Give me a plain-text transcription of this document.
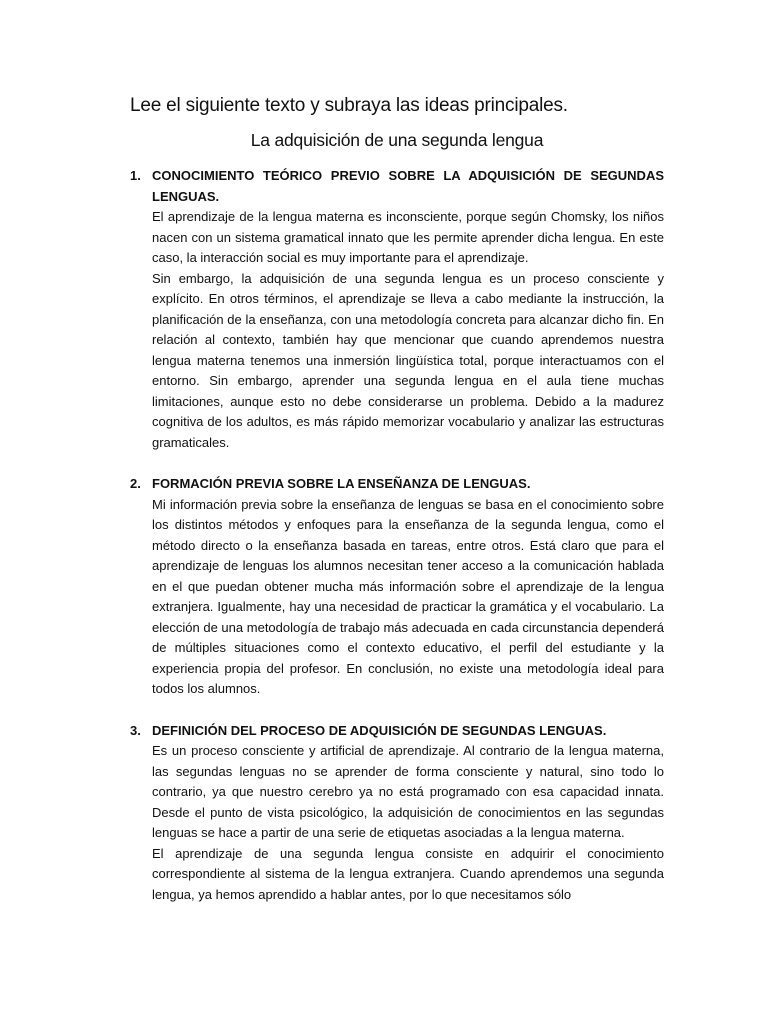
Lee el siguiente texto y subraya las ideas principales.

La adquisición de una segunda lengua

1. CONOCIMIENTO TEÓRICO PREVIO SOBRE LA ADQUISICIÓN DE SEGUNDAS LENGUAS.

El aprendizaje de la lengua materna es inconsciente, porque según Chomsky, los niños nacen con un sistema gramatical innato que les permite aprender dicha lengua. En este caso, la interacción social es muy importante para el aprendizaje.

Sin embargo, la adquisición de una segunda lengua es un proceso consciente y explícito. En otros términos, el aprendizaje se lleva a cabo mediante la instrucción, la planificación de la enseñanza, con una metodología concreta para alcanzar dicho fin. En relación al contexto, también hay que mencionar que cuando aprendemos nuestra lengua materna tenemos una inmersión lingüística total, porque interactuamos con el entorno. Sin embargo, aprender una segunda lengua en el aula tiene muchas limitaciones, aunque esto no debe considerarse un problema. Debido a la madurez cognitiva de los adultos, es más rápido memorizar vocabulario y analizar las estructuras gramaticales.

2. FORMACIÓN PREVIA SOBRE LA ENSEÑANZA DE LENGUAS.

Mi información previa sobre la enseñanza de lenguas se basa en el conocimiento sobre los distintos métodos y enfoques para la enseñanza de la segunda lengua, como el método directo o la enseñanza basada en tareas, entre otros. Está claro que para el aprendizaje de lenguas los alumnos necesitan tener acceso a la comunicación hablada en el que puedan obtener mucha más información sobre el aprendizaje de la lengua extranjera. Igualmente, hay una necesidad de practicar la gramática y el vocabulario. La elección de una metodología de trabajo más adecuada en cada circunstancia dependerá de múltiples situaciones como el contexto educativo, el perfil del estudiante y la experiencia propia del profesor. En conclusión, no existe una metodología ideal para todos los alumnos.

3. DEFINICIÓN DEL PROCESO DE ADQUISICIÓN DE SEGUNDAS LENGUAS.

Es un proceso consciente y artificial de aprendizaje. Al contrario de la lengua materna, las segundas lenguas no se aprender de forma consciente y natural, sino todo lo contrario, ya que nuestro cerebro ya no está programado con esa capacidad innata. Desde el punto de vista psicológico, la adquisición de conocimientos en las segundas lenguas se hace a partir de una serie de etiquetas asociadas a la lengua materna.

El aprendizaje de una segunda lengua consiste en adquirir el conocimiento correspondiente al sistema de la lengua extranjera. Cuando aprendemos una segunda lengua, ya hemos aprendido a hablar antes, por lo que necesitamos sólo
